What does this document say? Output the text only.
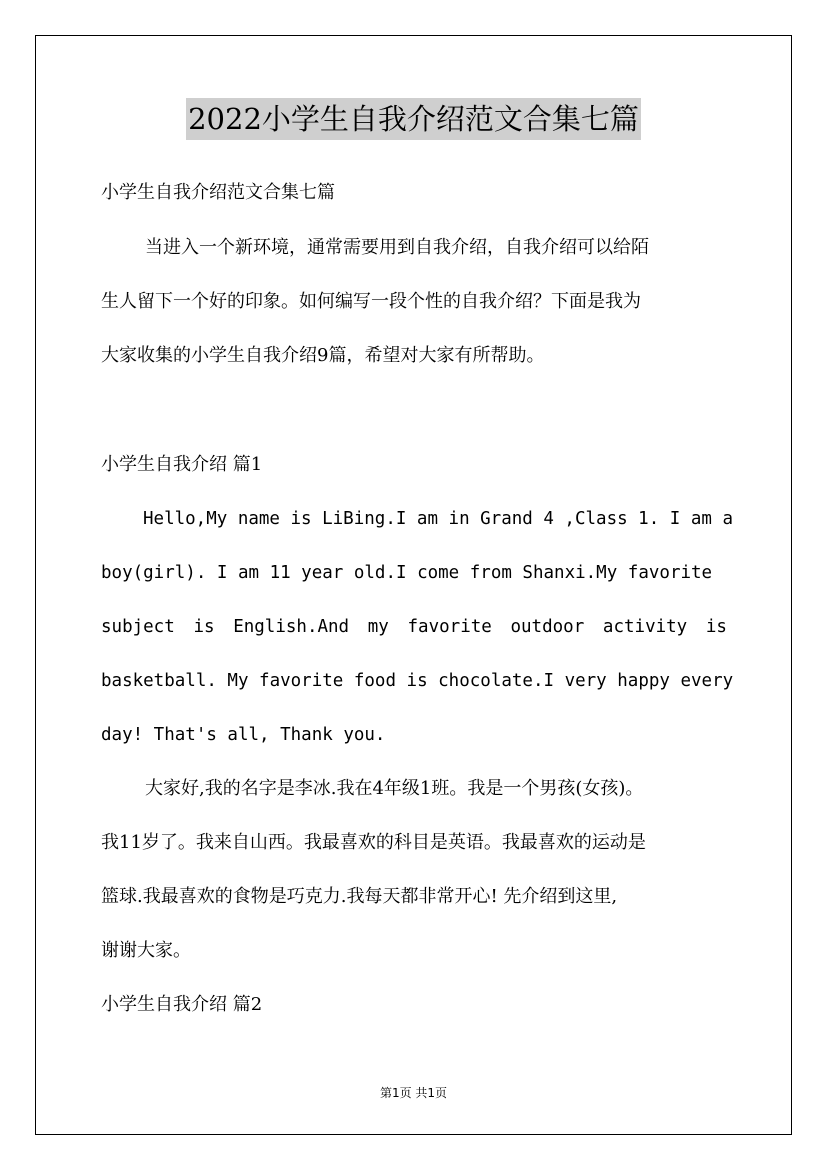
2022小学生自我介绍范文合集七篇
小学生自我介绍范文合集七篇
当进入一个新环境，通常需要用到自我介绍，自我介绍可以给陌
生人留下一个好的印象。如何编写一段个性的自我介绍？下面是我为
大家收集的小学生自我介绍9篇，希望对大家有所帮助。
小学生自我介绍 篇1
Hello,My name is LiBing.I am in Grand 4 ,Class 1. I am a
boy(girl). I am 11 year old.I come from Shanxi.My favorite
subject is English.And my favorite outdoor activity is
basketball. My favorite food is chocolate.I very happy every
day! That's all, Thank you.
大家好,我的名字是李冰.我在4年级1班。我是一个男孩(女孩)。
我11岁了。我来自山西。我最喜欢的科目是英语。我最喜欢的运动是
篮球.我最喜欢的食物是巧克力.我每天都非常开心! 先介绍到这里,
谢谢大家。
小学生自我介绍 篇2
第1页 共1页
